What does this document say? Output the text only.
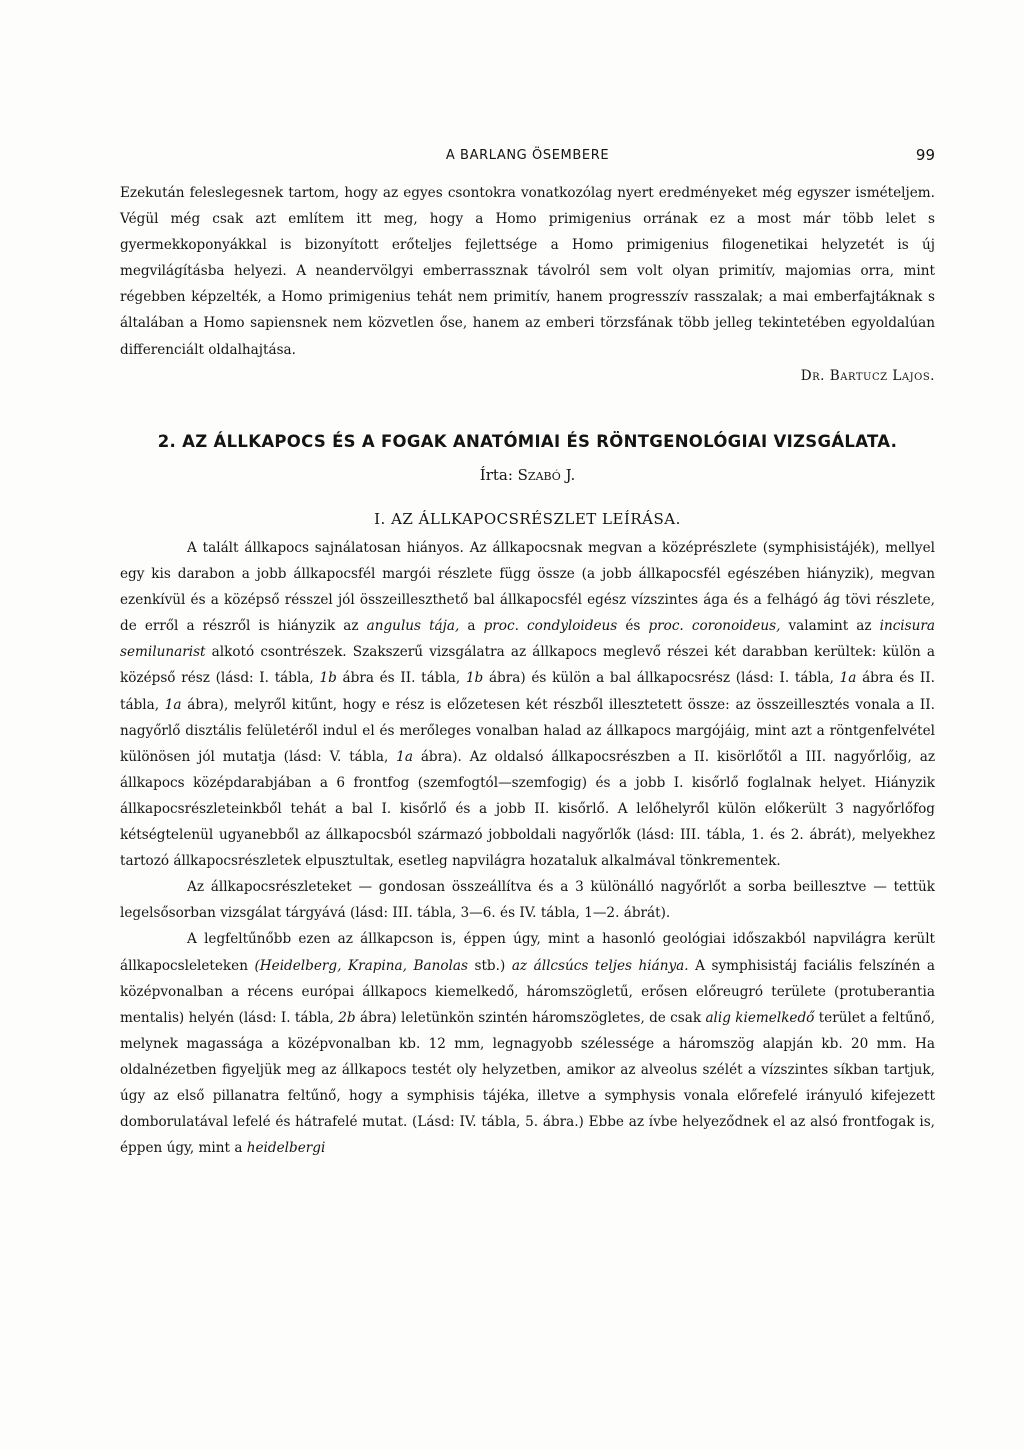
A BARLANG ÖSEMBERE	99

Ezekután feleslegesnek tartom, hogy az egyes csontokra vonatkozólag nyert eredményeket még egyszer ismételjem. Végül még csak azt említem itt meg, hogy a Homo primigenius orrának ez a most már több lelet s gyermekkoponyákkal is bizonyított erőteljes fejlettsége a Homo primigenius filogenetikai helyzetét is új megvilágításba helyezi. A neandervölgyi emberrassznak távolról sem volt olyan primitív, majomias orra, mint régebben képzelték, a Homo primigenius tehát nem primitív, hanem progresszív rasszalak; a mai emberfajtáknak s általában a Homo sapiensnek nem közvetlen őse, hanem az emberi törzsfának több jelleg tekintetében egyoldalúan differenciált oldalhajtása.

Dr. Bartucz Lajos.

2. AZ ÁLLKAPOCS ÉS A FOGAK ANATÓMIAI ÉS RÖNTGENOLÓGIAI VIZSGÁLATA.
Írta: Szabó J.
I. AZ ÁLLKAPOCSRÉSZLET LEÍRÁSA.

A talált állkapocs sajnálatosan hiányos. Az állkapocsnak megvan a középrészlete (symphisistájék), mellyel egy kis darabon a jobb állkapocsfél margói részlete függ össze (a jobb állkapocsfél egészében hiányzik), megvan ezenkívül és a középső résszel jól összeilleszthető bal állkapocsfél egész vízszintes ága és a felhágó ág tövi részlete, de erről a részről is hiányzik az angulus tája, a proc. condyloideus és proc. coronoideus, valamint az incisura semilunarist alkotó csontrészek. Szakszerű vizsgálatra az állkapocs meglevő részei két darabban kerültek: külön a középső rész (lásd: I. tábla, 1b ábra és II. tábla, 1b ábra) és külön a bal állkapocsrész (lásd: I. tábla, 1a ábra és II. tábla, 1a ábra), melyről kitűnt, hogy e rész is előzetesen két részből illesztetett össze: az összeillesztés vonala a II. nagyőrlő disztális felületéről indul el és merőleges vonalban halad az állkapocs margójáig, mint azt a röntgenfelvétel különösen jól mutatja (lásd: V. tábla, 1a ábra). Az oldalsó állkapocsrészben a II. kisörlőtől a III. nagyőrlőig, az állkapocs középdarabjában a 6 frontfog (szemfogtól—szemfogig) és a jobb I. kisőrlő foglalnak helyet. Hiányzik állkapocsrészleteinkből tehát a bal I. kisőrlő és a jobb II. kisőrlő. A lelőhelyről külön előkerült 3 nagyőrlőfog kétségtelenül ugyanebből az állkapocsból származó jobboldali nagyőrlők (lásd: III. tábla, 1. és 2. ábrát), melyekhez tartozó állkapocsrészletek elpusztultak, esetleg napvilágra hozataluk alkalmával tönkrementek.

Az állkapocsrészleteket — gondosan összeállítva és a 3 különálló nagyőrlőt a sorba beillesztve — tettük legelsősorban vizsgálat tárgyává (lásd: III. tábla, 3—6. és IV. tábla, 1—2. ábrát).

A legfeltűnőbb ezen az állkapcson is, éppen úgy, mint a hasonló geológiai időszakból napvilágra került állkapocsleleteken (Heidelberg, Krapina, Banolas stb.) az állcsúcs teljes hiánya. A symphisistáj faciális felszínén a középvonalban a récens európai állkapocs kiemelkedő, háromszögletű, erősen előreugró területe (protuberantia mentalis) helyén (lásd: I. tábla, 2b ábra) leletünkön szintén háromszögletes, de csak alig kiemelkedő terület a feltűnő, melynek magassága a középvonalban kb. 12 mm, legnagyobb szélessége a háromszög alapján kb. 20 mm. Ha oldalnézetben figyeljük meg az állkapocs testét oly helyzetben, amikor az alveolus szélét a vízszintes síkban tartjuk, úgy az első pillanatra feltűnő, hogy a symphisis tájéka, illetve a symphysis vonala előrefelé irányuló kifejezett domborulatával lefelé és hátrafelé mutat. (Lásd: IV. tábla, 5. ábra.) Ebbe az ívbe helyeződnek el az alsó frontfogak is, éppen úgy, mint a heidelbergi
